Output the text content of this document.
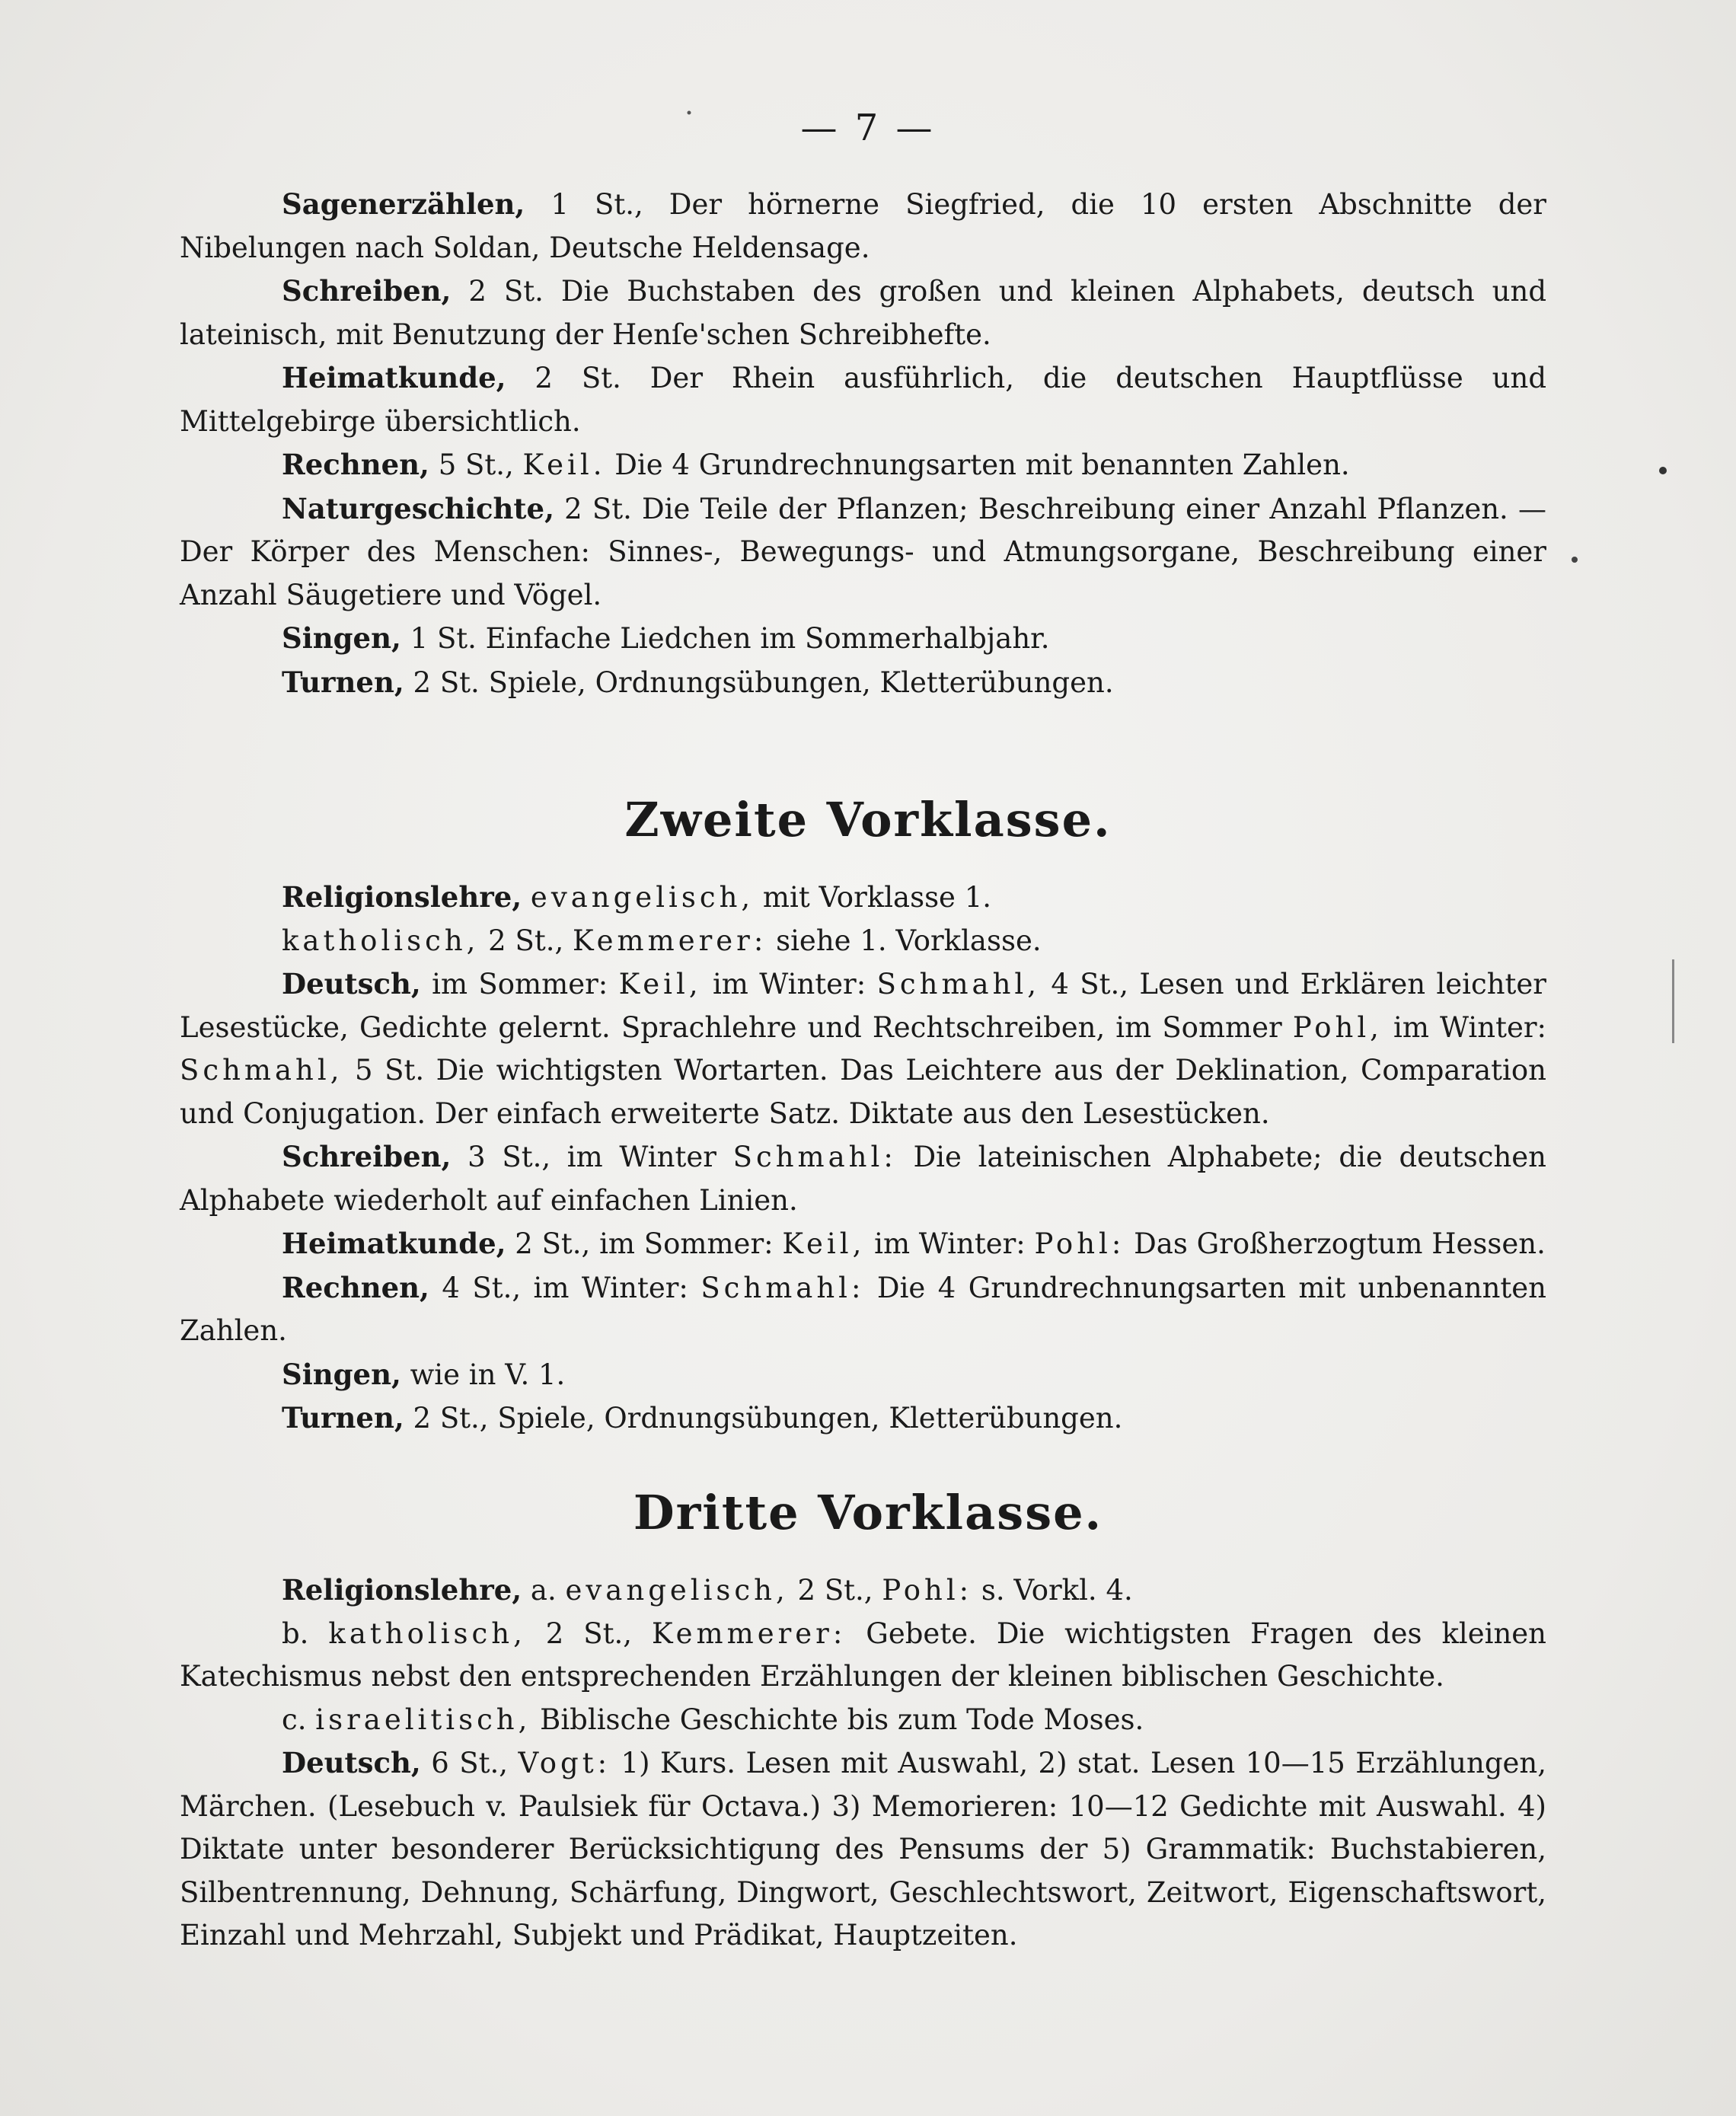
— 7 —

Sagenerzählen, 1 St., Der hörnerne Siegfried, die 10 ersten Abschnitte der Nibelungen nach Soldan, Deutsche Heldensage.

Schreiben, 2 St. Die Buchstaben des großen und kleinen Alphabets, deutsch und lateinisch, mit Benutzung der Henſe'schen Schreibhefte.

Heimatkunde, 2 St. Der Rhein ausführlich, die deutschen Hauptflüsse und Mittelgebirge übersichtlich.

Rechnen, 5 St., Keil. Die 4 Grundrechnungsarten mit benannten Zahlen.

Naturgeschichte, 2 St. Die Teile der Pflanzen; Beschreibung einer Anzahl Pflanzen. — Der Körper des Menschen: Sinnes-, Bewegungs- und Atmungsorgane, Beschreibung einer Anzahl Säugetiere und Vögel.

Singen, 1 St. Einfache Liedchen im Sommerhalbjahr.

Turnen, 2 St. Spiele, Ordnungsübungen, Kletterübungen.

Zweite Vorklasse.

Religionslehre, evangelisch, mit Vorklasse 1.

katholisch, 2 St., Kemmerer: siehe 1. Vorklasse.

Deutsch, im Sommer: Keil, im Winter: Schmahl, 4 St., Lesen und Erklären leichter Lesestücke, Gedichte gelernt. Sprachlehre und Rechtschreiben, im Sommer Pohl, im Winter: Schmahl, 5 St. Die wichtigsten Wortarten. Das Leichtere aus der Deklination, Comparation und Conjugation. Der einfach erweiterte Satz. Diktate aus den Lesestücken.

Schreiben, 3 St., im Winter Schmahl: Die lateinischen Alphabete; die deutschen Alphabete wiederholt auf einfachen Linien.

Heimatkunde, 2 St., im Sommer: Keil, im Winter: Pohl: Das Großherzogtum Hessen.

Rechnen, 4 St., im Winter: Schmahl: Die 4 Grundrechnungsarten mit unbenannten Zahlen.

Singen, wie in V. 1.

Turnen, 2 St., Spiele, Ordnungsübungen, Kletterübungen.

Dritte Vorklasse.

Religionslehre, a. evangelisch, 2 St., Pohl: s. Vorkl. 4.

b. katholisch, 2 St., Kemmerer: Gebete. Die wichtigsten Fragen des kleinen Katechismus nebst den entsprechenden Erzählungen der kleinen biblischen Geschichte.

c. israelitisch, Biblische Geschichte bis zum Tode Moses.

Deutsch, 6 St., Vogt: 1) Kurs. Lesen mit Auswahl, 2) stat. Lesen 10—15 Erzählungen, Märchen. (Lesebuch v. Paulsiek für Octava.) 3) Memorieren: 10—12 Gedichte mit Auswahl. 4) Diktate unter besonderer Berücksichtigung des Pensums der 5) Grammatik: Buchstabieren, Silbentrennung, Dehnung, Schärfung, Dingwort, Geschlechtswort, Zeitwort, Eigenschaftswort, Einzahl und Mehrzahl, Subjekt und Prädikat, Hauptzeiten.
